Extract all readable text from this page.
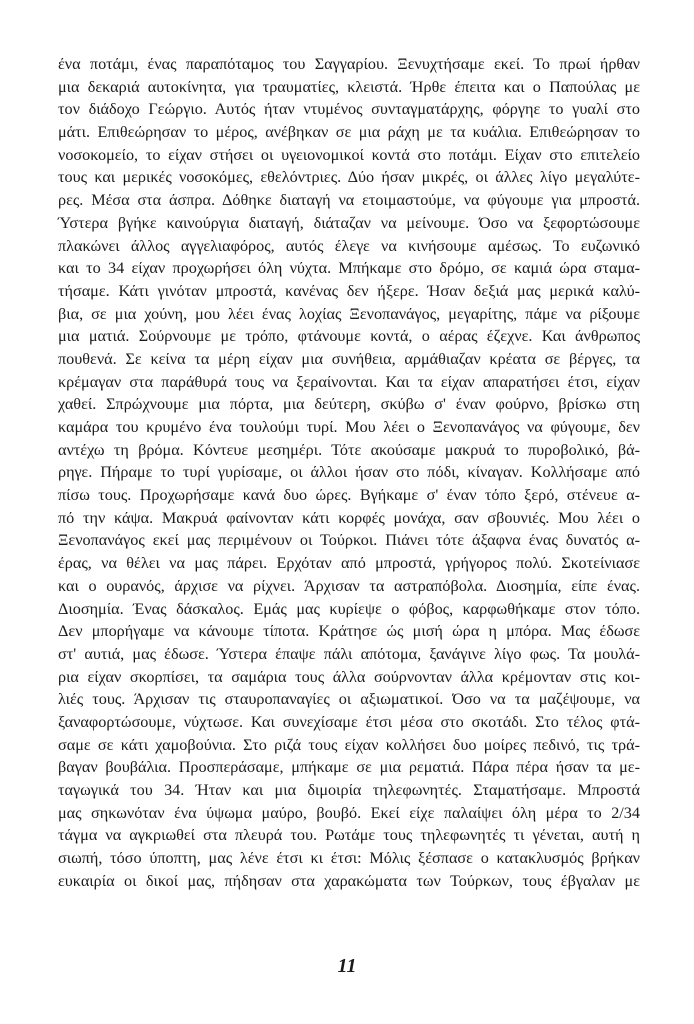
ένα ποτάμι, ένας παραπόταμος του Σαγγαρίου. Ξενυχτήσαμε εκεί. Το πρωί ήρθαν
μια δεκαριά αυτοκίνητα, για τραυματίες, κλειστά. Ήρθε έπειτα και ο Παπούλας με
τον διάδοχο Γεώργιο. Αυτός ήταν ντυμένος συνταγματάρχης, φόργηε το γυαλί στο
μάτι. Επιθεώρησαν το μέρος, ανέβηκαν σε μια ράχη με τα κυάλια. Επιθεώρησαν το
νοσοκομείο, το είχαν στήσει οι υγειονομικοί κοντά στο ποτάμι. Είχαν στο επιτελείο
τους και μερικές νοσοκόμες, εθελόντριες. Δύο ήσαν μικρές, οι άλλες λίγο μεγαλύτε-
ρες. Μέσα στα άσπρα. Δόθηκε διαταγή να ετοιμαστούμε, να φύγουμε για μπροστά.
Ύστερα βγήκε καινούργια διαταγή, διάταζαν να μείνουμε. Όσο να ξεφορτώσουμε
πλακώνει άλλος αγγελιαφόρος, αυτός έλεγε να κινήσουμε αμέσως. Το ευζωνικό
και το 34 είχαν προχωρήσει όλη νύχτα. Μπήκαμε στο δρόμο, σε καμιά ώρα σταμα-
τήσαμε. Κάτι γινόταν μπροστά, κανένας δεν ήξερε. Ήσαν δεξιά μας μερικά καλύ-
βια, σε μια χούνη, μου λέει ένας λοχίας Ξενοπανάγος, μεγαρίτης, πάμε να ρίξουμε
μια ματιά. Σούρνουμε με τρόπο, φτάνουμε κοντά, ο αέρας έζεχνε. Και άνθρωπος
πουθενά. Σε κείνα τα μέρη είχαν μια συνήθεια, αρμάθιαζαν κρέατα σε βέργες, τα
κρέμαγαν στα παράθυρά τους να ξεραίνονται. Και τα είχαν απαρατήσει έτσι, είχαν
χαθεί. Σπρώχνουμε μια πόρτα, μια δεύτερη, σκύβω σ' έναν φούρνο, βρίσκω στη
καμάρα του κρυμένο ένα τουλούμι τυρί. Μου λέει ο Ξενοπανάγος να φύγουμε, δεν
αντέχω τη βρόμα. Κόντευε μεσημέρι. Τότε ακούσαμε μακρυά το πυροβολικό, βά-
ρηγε. Πήραμε το τυρί γυρίσαμε, οι άλλοι ήσαν στο πόδι, κίναγαν. Κολλήσαμε από
πίσω τους. Προχωρήσαμε κανά δυο ώρες. Βγήκαμε σ' έναν τόπο ξερό, στένευε α-
πό την κάψα. Μακρυά φαίνονταν κάτι κορφές μονάχα, σαν σβουνιές. Μου λέει ο
Ξενοπανάγος εκεί μας περιμένουν οι Τούρκοι. Πιάνει τότε άξαφνα ένας δυνατός α-
έρας, να θέλει να μας πάρει. Ερχόταν από μπροστά, γρήγορος πολύ. Σκοτείνιασε
και ο ουρανός, άρχισε να ρίχνει. Άρχισαν τα αστραπόβολα. Διοσημία, είπε ένας.
Διοσημία. Ένας δάσκαλος. Εμάς μας κυρίεψε ο φόβος, καρφωθήκαμε στον τόπο.
Δεν μπορήγαμε να κάνουμε τίποτα. Κράτησε ώς μισή ώρα η μπόρα. Μας έδωσε
στ' αυτιά, μας έδωσε. Ύστερα έπαψε πάλι απότομα, ξανάγινε λίγο φως. Τα μουλά-
ρια είχαν σκορπίσει, τα σαμάρια τους άλλα σούρνονταν άλλα κρέμονταν στις κοι-
λιές τους. Άρχισαν τις σταυροπαναγίες οι αξιωματικοί. Όσο να τα μαζέψουμε, να
ξαναφορτώσουμε, νύχτωσε. Και συνεχίσαμε έτσι μέσα στο σκοτάδι. Στο τέλος φτά-
σαμε σε κάτι χαμοβούνια. Στο ριζά τους είχαν κολλήσει δυο μοίρες πεδινό, τις τρά-
βαγαν βουβάλια. Προσπεράσαμε, μπήκαμε σε μια ρεματιά. Πάρα πέρα ήσαν τα με-
ταγωγικά του 34. Ήταν και μια διμοιρία τηλεφωνητές. Σταματήσαμε. Μπροστά
μας σηκωνόταν ένα ύψωμα μαύρο, βουβό. Εκεί είχε παλαίψει όλη μέρα το 2/34
τάγμα να αγκριωθεί στα πλευρά του. Ρωτάμε τους τηλεφωνητές τι γένεται, αυτή η
σιωπή, τόσο ύποπτη, μας λένε έτσι κι έτσι: Μόλις ξέσπασε ο κατακλυσμός βρήκαν
ευκαιρία οι δικοί μας, πήδησαν στα χαρακώματα των Τούρκων, τους έβγαλαν με
11
